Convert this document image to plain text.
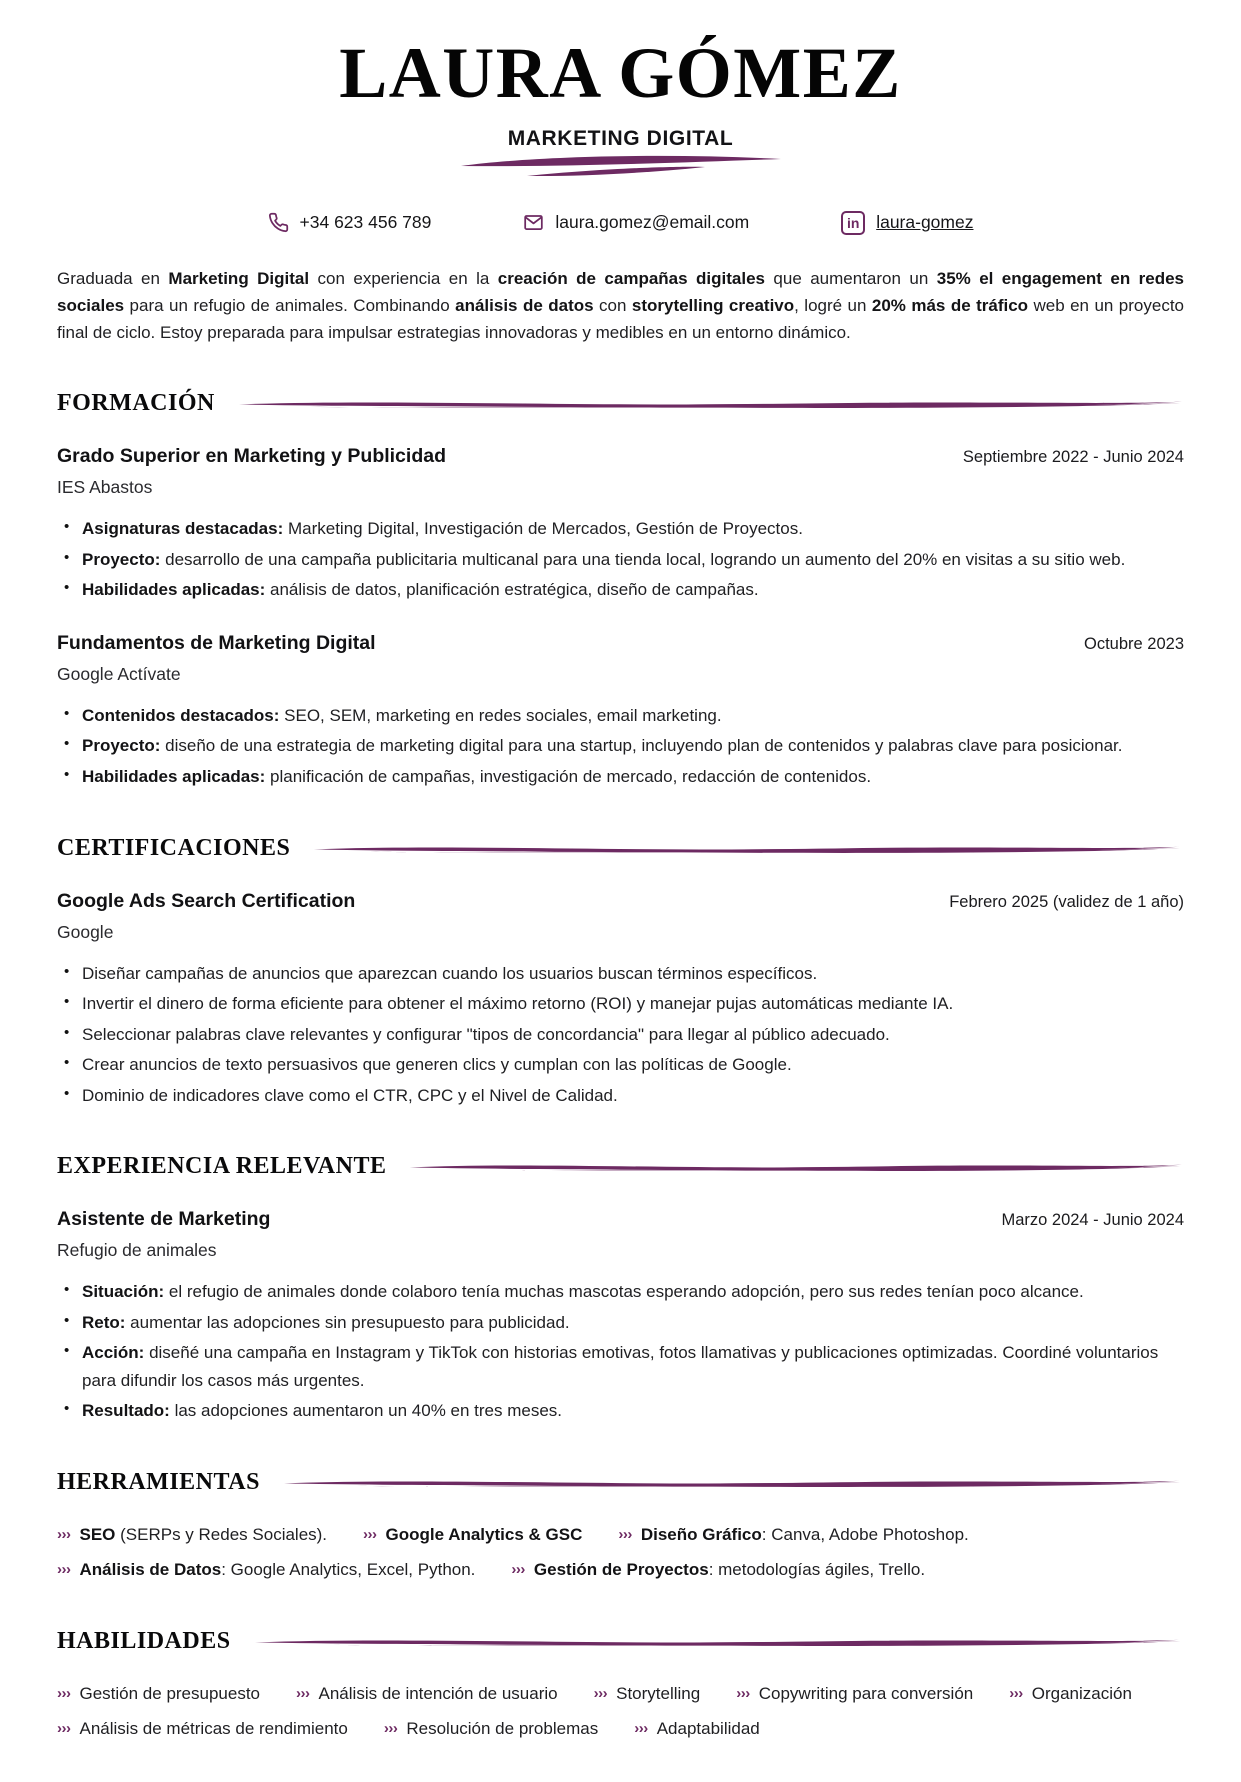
LAURA GÓMEZ
MARKETING DIGITAL
+34 623 456 789	laura.gomez@email.com	in laura-gomez

Graduada en Marketing Digital con experiencia en la creación de campañas digitales que aumentaron un 35% el engagement en redes sociales para un refugio de animales. Combinando análisis de datos con storytelling creativo, logré un 20% más de tráfico web en un proyecto final de ciclo. Estoy preparada para impulsar estrategias innovadoras y medibles en un entorno dinámico.

FORMACIÓN
Grado Superior en Marketing y Publicidad	Septiembre 2022 - Junio 2024
IES Abastos
• Asignaturas destacadas: Marketing Digital, Investigación de Mercados, Gestión de Proyectos.
• Proyecto: desarrollo de una campaña publicitaria multicanal para una tienda local, logrando un aumento del 20% en visitas a su sitio web.
• Habilidades aplicadas: análisis de datos, planificación estratégica, diseño de campañas.
Fundamentos de Marketing Digital	Octubre 2023
Google Actívate
• Contenidos destacados: SEO, SEM, marketing en redes sociales, email marketing.
• Proyecto: diseño de una estrategia de marketing digital para una startup, incluyendo plan de contenidos y palabras clave para posicionar.
• Habilidades aplicadas: planificación de campañas, investigación de mercado, redacción de contenidos.
CERTIFICACIONES
Google Ads Search Certification	Febrero 2025 (validez de 1 año)
Google
• Diseñar campañas de anuncios que aparezcan cuando los usuarios buscan términos específicos.
• Invertir el dinero de forma eficiente para obtener el máximo retorno (ROI) y manejar pujas automáticas mediante IA.
• Seleccionar palabras clave relevantes y configurar "tipos de concordancia" para llegar al público adecuado.
• Crear anuncios de texto persuasivos que generen clics y cumplan con las políticas de Google.
• Dominio de indicadores clave como el CTR, CPC y el Nivel de Calidad.
EXPERIENCIA RELEVANTE
Asistente de Marketing	Marzo 2024 - Junio 2024
Refugio de animales
• Situación: el refugio de animales donde colaboro tenía muchas mascotas esperando adopción, pero sus redes tenían poco alcance.
• Reto: aumentar las adopciones sin presupuesto para publicidad.
• Acción: diseñé una campaña en Instagram y TikTok con historias emotivas, fotos llamativas y publicaciones optimizadas. Coordiné voluntarios para difundir los casos más urgentes.
• Resultado: las adopciones aumentaron un 40% en tres meses.
HERRAMIENTAS
››› SEO (SERPs y Redes Sociales). ››› Google Analytics & GSC ››› Diseño Gráfico: Canva, Adobe Photoshop.
››› Análisis de Datos: Google Analytics, Excel, Python. ››› Gestión de Proyectos: metodologías ágiles, Trello.
HABILIDADES
››› Gestión de presupuesto ››› Análisis de intención de usuario ››› Storytelling ››› Copywriting para conversión ››› Organización
››› Análisis de métricas de rendimiento ››› Resolución de problemas ››› Adaptabilidad
